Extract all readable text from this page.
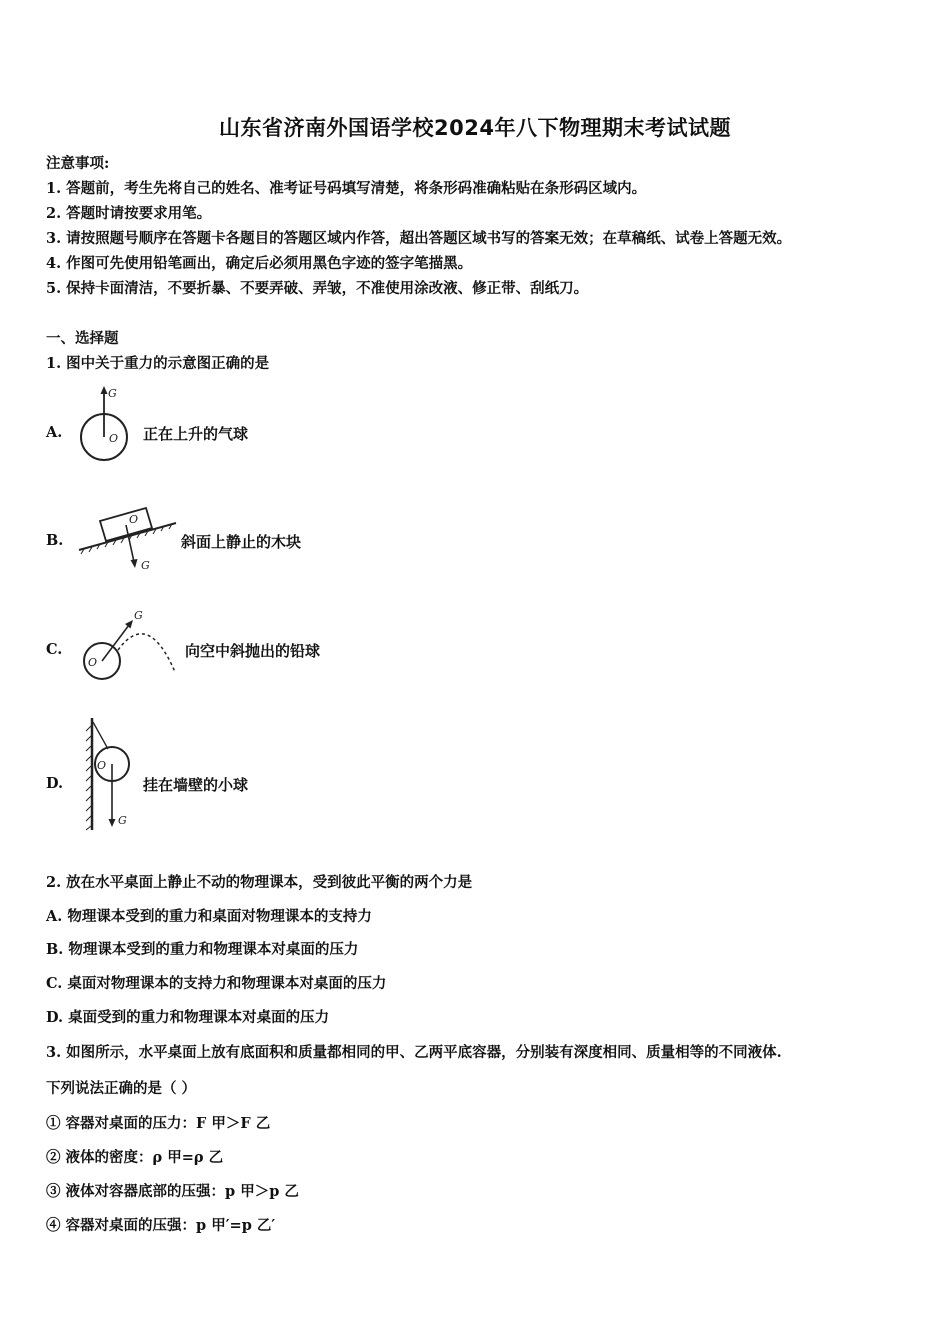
山东省济南外国语学校2024年八下物理期末考试试题
注意事项:
1. 答题前，考生先将自己的姓名、准考证号码填写清楚，将条形码准确粘贴在条形码区域内。
2. 答题时请按要求用笔。
3. 请按照题号顺序在答题卡各题目的答题区域内作答，超出答题区域书写的答案无效；在草稿纸、试卷上答题无效。
4. 作图可先使用铅笔画出，确定后必须用黑色字迹的签字笔描黑。
5. 保持卡面清洁，不要折暴、不要弄破、弄皱，不准使用涂改液、修正带、刮纸刀。
一、选择题
1. 图中关于重力的示意图正确的是
A.
G
O 正在上升的气球
B.
O
G
斜面上静止的木块
C.
G
O
向空中斜抛出的铅球
D.
O
G
挂在墙壁的小球
2. 放在水平桌面上静止不动的物理课本，受到彼此平衡的两个力是
A. 物理课本受到的重力和桌面对物理课本的支持力
B. 物理课本受到的重力和物理课本对桌面的压力
C. 桌面对物理课本的支持力和物理课本对桌面的压力
D. 桌面受到的重力和物理课本对桌面的压力
3. 如图所示，水平桌面上放有底面积和质量都相同的甲、乙两平底容器，分别装有深度相同、质量相等的不同液体.
下列说法正确的是（ ）
① 容器对桌面的压力：F 甲＞F 乙
② 液体的密度：ρ 甲=ρ 乙
③ 液体对容器底部的压强：p 甲＞p 乙
④ 容器对桌面的压强：p 甲′=p 乙′
